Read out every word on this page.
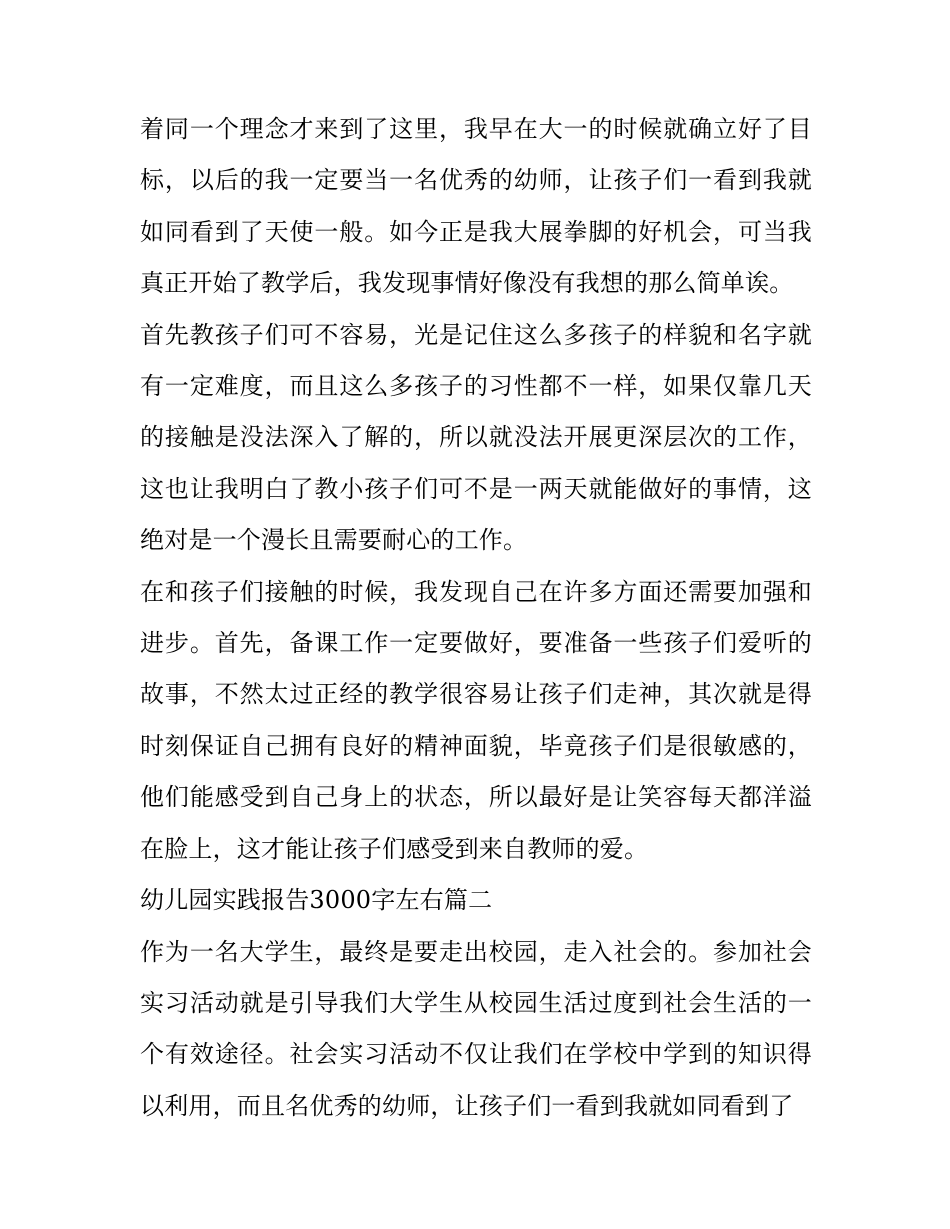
着同一个理念才来到了这里，我早在大一的时候就确立好了目标，以后的我一定要当一名优秀的幼师，让孩子们一看到我就如同看到了天使一般。如今正是我大展拳脚的好机会，可当我真正开始了教学后，我发现事情好像没有我想的那么简单诶。

首先教孩子们可不容易，光是记住这么多孩子的样貌和名字就有一定难度，而且这么多孩子的习性都不一样，如果仅靠几天的接触是没法深入了解的，所以就没法开展更深层次的工作，这也让我明白了教小孩子们可不是一两天就能做好的事情，这绝对是一个漫长且需要耐心的工作。

在和孩子们接触的时候，我发现自己在许多方面还需要加强和进步。首先，备课工作一定要做好，要准备一些孩子们爱听的故事，不然太过正经的教学很容易让孩子们走神，其次就是得时刻保证自己拥有良好的精神面貌，毕竟孩子们是很敏感的，他们能感受到自己身上的状态，所以最好是让笑容每天都洋溢在脸上，这才能让孩子们感受到来自教师的爱。

幼儿园实践报告3000字左右篇二

作为一名大学生，最终是要走出校园，走入社会的。参加社会实习活动就是引导我们大学生从校园生活过度到社会生活的一个有效途径。社会实习活动不仅让我们在学校中学到的知识得以利用，而且名优秀的幼师，让孩子们一看到我就如同看到了
